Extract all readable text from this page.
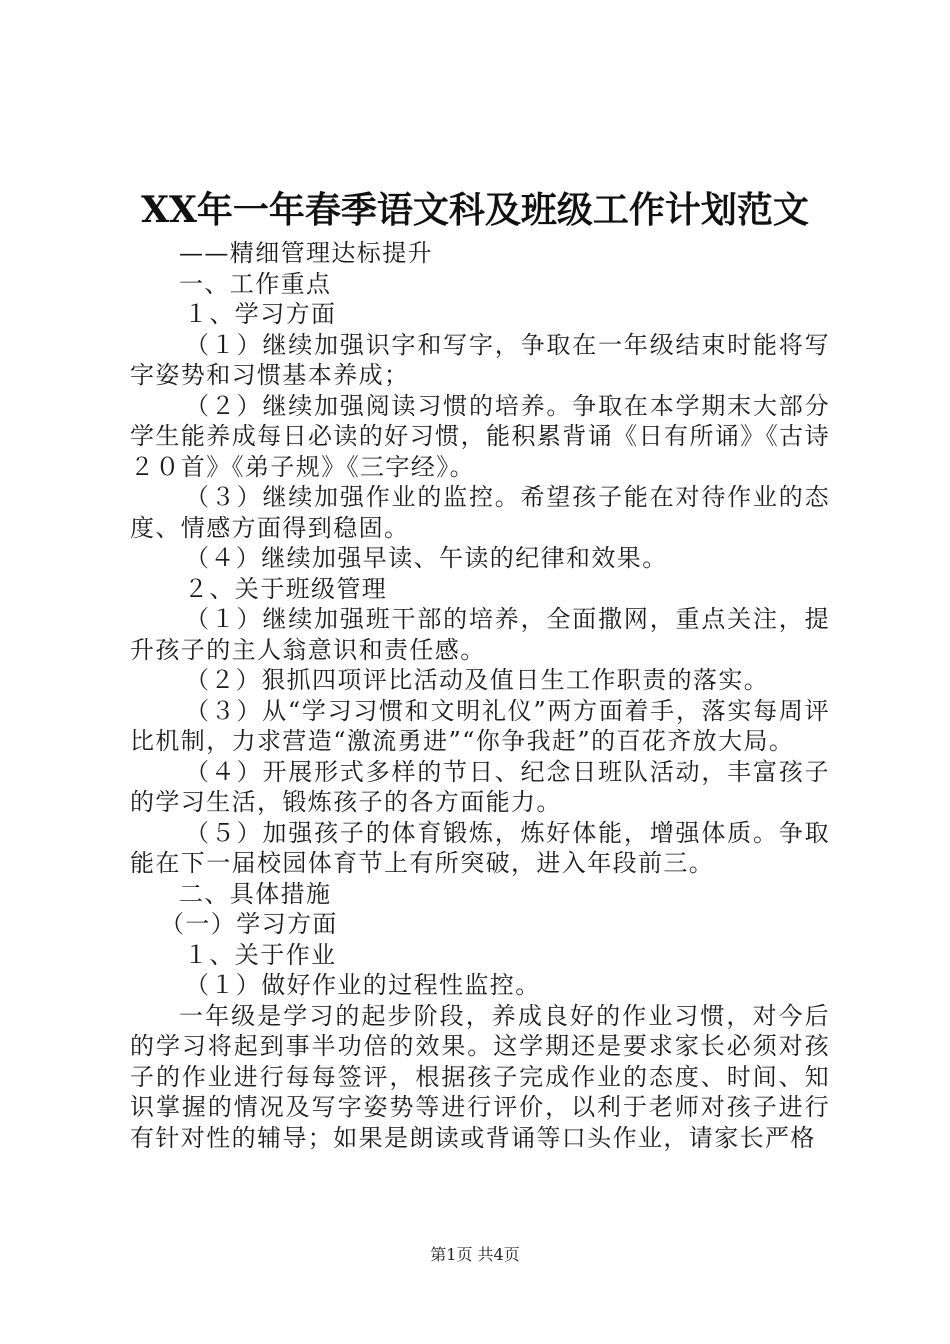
XX年一年春季语文科及班级工作计划范文

——精细管理达标提升

一、工作重点

１、学习方面

（１）继续加强识字和写字，争取在一年级结束时能将写字姿势和习惯基本养成；

（２）继续加强阅读习惯的培养。争取在本学期末大部分学生能养成每日必读的好习惯，能积累背诵《日有所诵》《古诗２０首》《弟子规》《三字经》。

（３）继续加强作业的监控。希望孩子能在对待作业的态度、情感方面得到稳固。

（４）继续加强早读、午读的纪律和效果。

２、关于班级管理

（１）继续加强班干部的培养，全面撒网，重点关注，提升孩子的主人翁意识和责任感。

（２）狠抓四项评比活动及值日生工作职责的落实。

（３）从“学习习惯和文明礼仪”两方面着手，落实每周评比机制，力求营造“激流勇进”“你争我赶”的百花齐放大局。

（４）开展形式多样的节日、纪念日班队活动，丰富孩子的学习生活，锻炼孩子的各方面能力。

（５）加强孩子的体育锻炼，炼好体能，增强体质。争取能在下一届校园体育节上有所突破，进入年段前三。

二、具体措施

（一）学习方面

１、关于作业

（１）做好作业的过程性监控。

一年级是学习的起步阶段，养成良好的作业习惯，对今后的学习将起到事半功倍的效果。这学期还是要求家长必须对孩子的作业进行每每签评，根据孩子完成作业的态度、时间、知识掌握的情况及写字姿势等进行评价，以利于老师对孩子进行有针对性的辅导；如果是朗读或背诵等口头作业，请家长严格

第1页 共4页
